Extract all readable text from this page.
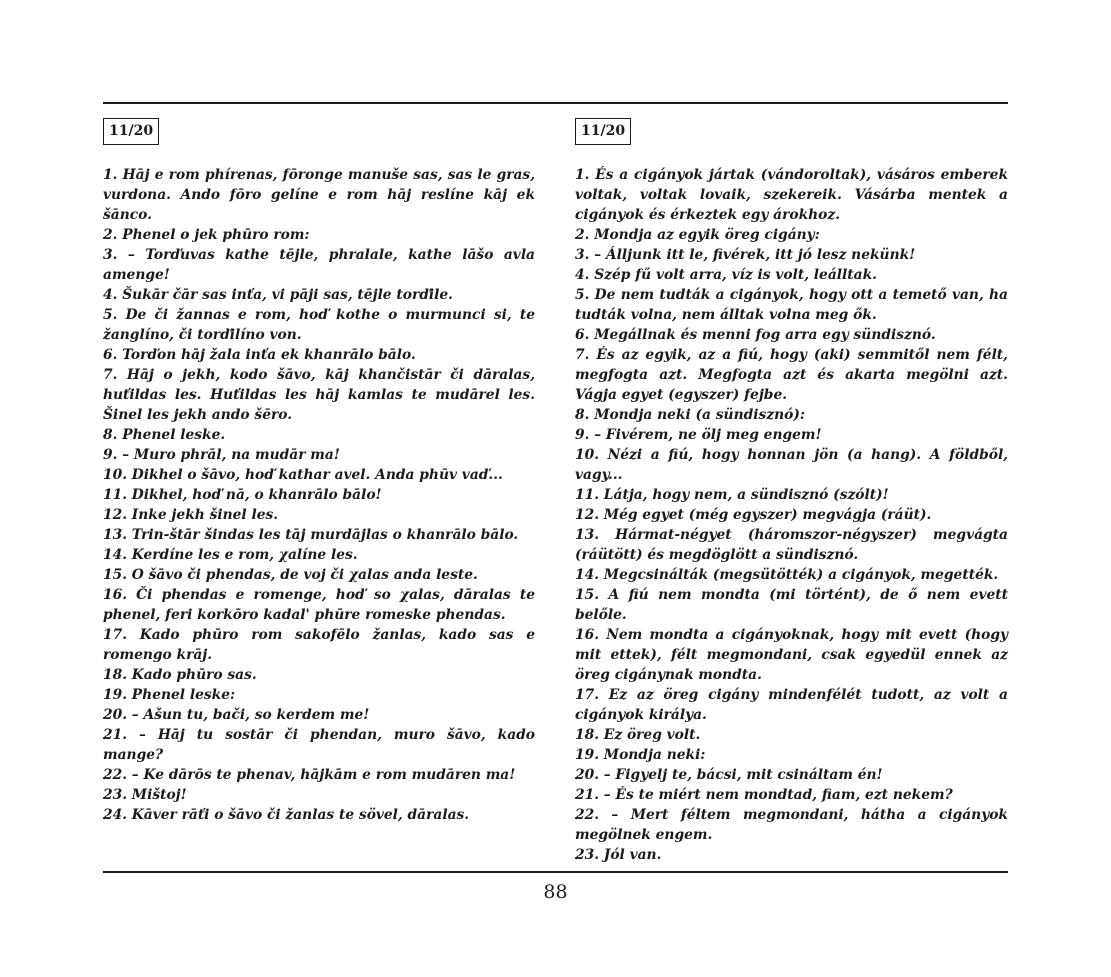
11/20

1. Hāj e rom phírenas, fōronge manuše sas, sas le gras, vurdona. Ando fōro gelíne e rom hāj reslíne kāj ek šānco.

2. Phenel o jek phūro rom:

3. – Torďuvas kathe tējle, phralale, kathe lāšo avla amenge!

4. Šukār čār sas inťa, vi pāji sas, tējle torďile.

5. De či žannas e rom, hoď kothe o murmunci si, te žanglíno, či torďilíno von.

6. Torďon hāj žala inťa ek khanrālo bālo.

7. Hāj o jekh, kodo šāvo, kāj khančistār či dāralas, huťildas les. Huťildas les hāj kamlas te mudārel les. Šinel les jekh ando šēro.

8. Phenel leske.

9. – Muro phrāl, na mudār ma!

10. Dikhel o šāvo, hoď kathar avel. Anda phūv vaď...

11. Dikhel, hoď nā, o khanrālo bālo!

12. Inke jekh šinel les.

13. Trin-štār šindas les tāj murdājlas o khanrālo bālo.

14. Kerdíne les e rom, χalíne les.

15. O šāvo či phendas, de voj či χalas anda leste.

16. Či phendas e romenge, hoď so χalas, dāralas te phenel, feri korkōro kadal' phūre romeske phendas.

17. Kado phūro rom sakofēlo žanlas, kado sas e romengo krāj.

18. Kado phūro sas.

19. Phenel leske:

20. – Ašun tu, bači, so kerdem me!

21. – Hāj tu sostār či phendan, muro šāvo, kado mange?

22. – Ke dārōs te phenav, hājkām e rom mudāren ma!

23. Mištoj!

24. Kāver rāťi o šāvo či žanlas te sövel, dāralas.

11/20

1. És a cigányok jártak (vándoroltak), vásáros emberek voltak, voltak lovaik, szekereik. Vásárba mentek a cigányok és érkeztek egy árokhoz.

2. Mondja az egyik öreg cigány:

3. – Álljunk itt le, fivérek, itt jó lesz nekünk!

4. Szép fű volt arra, víz is volt, leálltak.

5. De nem tudták a cigányok, hogy ott a temető van, ha tudták volna, nem álltak volna meg ők.

6. Megállnak és menni fog arra egy sündisznó.

7. És az egyik, az a fiú, hogy (aki) semmitől nem félt, megfogta azt. Megfogta azt és akarta megölni azt. Vágja egyet (egyszer) fejbe.

8. Mondja neki (a sündisznó):

9. – Fivérem, ne ölj meg engem!

10. Nézi a fiú, hogy honnan jön (a hang). A földből, vagy...

11. Látja, hogy nem, a sündisznó (szólt)!

12. Még egyet (még egyszer) megvágja (ráüt).

13. Hármat-négyet (háromszor-négyszer) megvágta (ráütött) és megdöglött a sündisznó.

14. Megcsinálták (megsütötték) a cigányok, megették.

15. A fiú nem mondta (mi történt), de ő nem evett belőle.

16. Nem mondta a cigányoknak, hogy mit evett (hogy mit ettek), félt megmondani, csak egyedül ennek az öreg cigánynak mondta.

17. Ez az öreg cigány mindenfélét tudott, az volt a cigányok királya.

18. Ez öreg volt.

19. Mondja neki:

20. – Figyelj te, bácsi, mit csináltam én!

21. – És te miért nem mondtad, fiam, ezt nekem?

22. – Mert féltem megmondani, hátha a cigányok megölnek engem.

23. Jól van.

88
